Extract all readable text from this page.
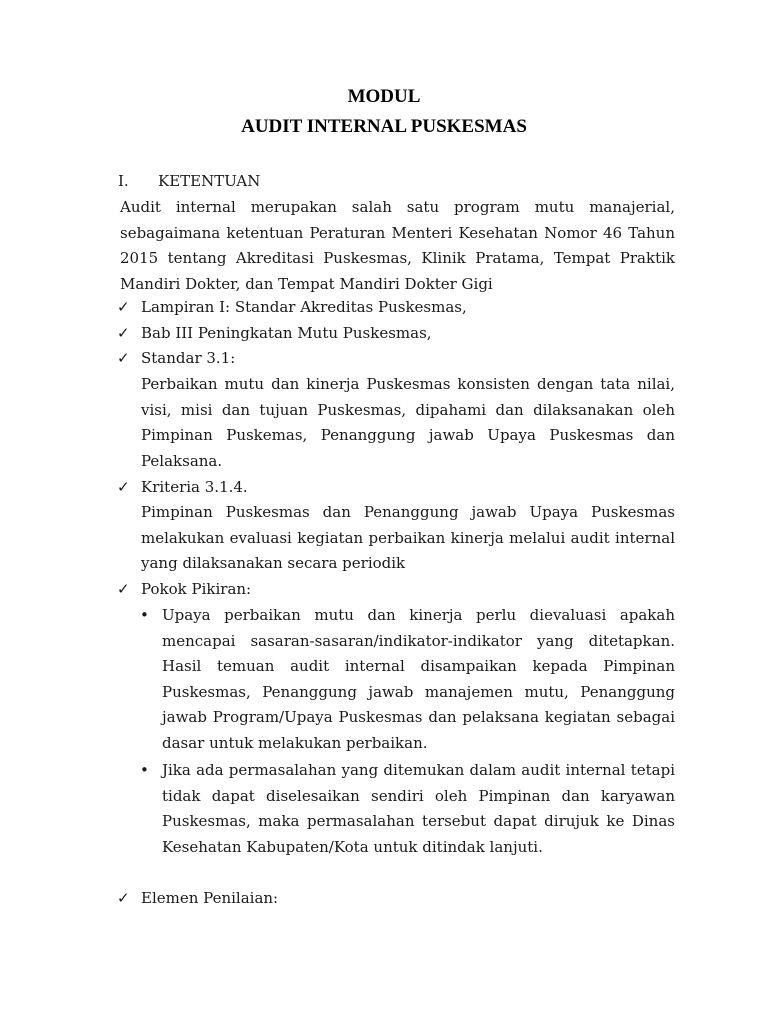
MODUL
AUDIT INTERNAL PUSKESMAS
I. KETENTUAN
Audit internal merupakan salah satu program mutu manajerial, sebagaimana ketentuan Peraturan Menteri Kesehatan Nomor 46 Tahun 2015 tentang Akreditasi Puskesmas, Klinik Pratama, Tempat Praktik Mandiri Dokter, dan Tempat Mandiri Dokter Gigi
✓ Lampiran I: Standar Akreditas Puskesmas,
✓ Bab III Peningkatan Mutu Puskesmas,
✓ Standar 3.1:
Perbaikan mutu dan kinerja Puskesmas konsisten dengan tata nilai, visi, misi dan tujuan Puskesmas, dipahami dan dilaksanakan oleh Pimpinan Puskemas, Penanggung jawab Upaya Puskesmas dan Pelaksana.
✓ Kriteria 3.1.4.
Pimpinan Puskesmas dan Penanggung jawab Upaya Puskesmas melakukan evaluasi kegiatan perbaikan kinerja melalui audit internal yang dilaksanakan secara periodik
✓ Pokok Pikiran:
• Upaya perbaikan mutu dan kinerja perlu dievaluasi apakah mencapai sasaran-sasaran/indikator-indikator yang ditetapkan. Hasil temuan audit internal disampaikan kepada Pimpinan Puskesmas, Penanggung jawab manajemen mutu, Penanggung jawab Program/Upaya Puskesmas dan pelaksana kegiatan sebagai dasar untuk melakukan perbaikan.
• Jika ada permasalahan yang ditemukan dalam audit internal tetapi tidak dapat diselesaikan sendiri oleh Pimpinan dan karyawan Puskesmas, maka permasalahan tersebut dapat dirujuk ke Dinas Kesehatan Kabupaten/Kota untuk ditindak lanjuti.
✓ Elemen Penilaian:
